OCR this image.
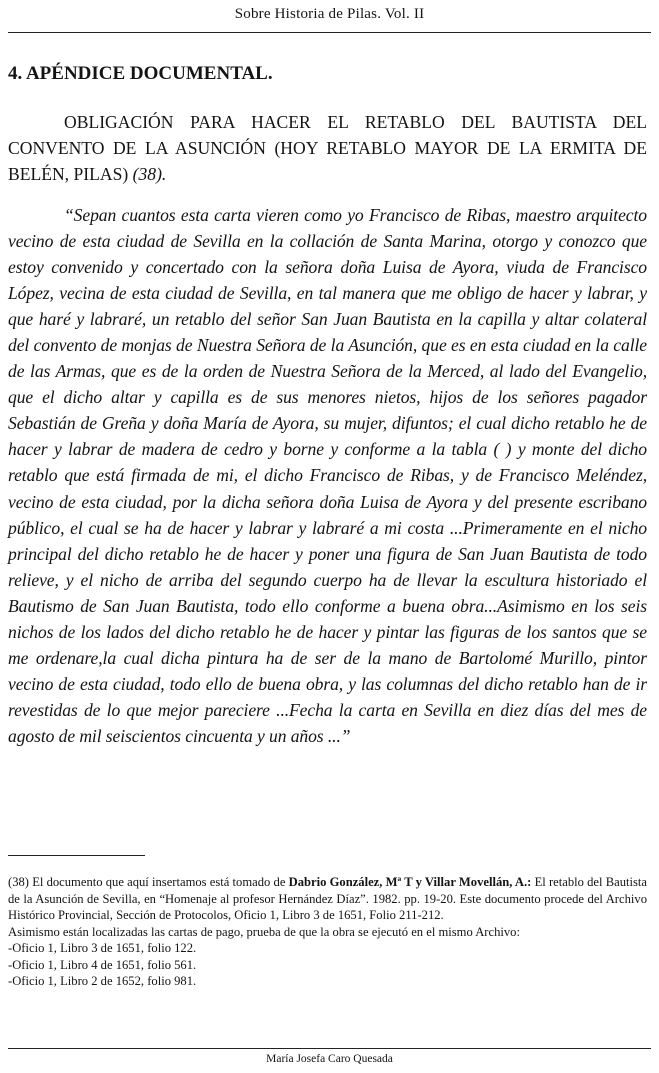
Sobre Historia de Pilas. Vol. II
4. APÉNDICE DOCUMENTAL.

OBLIGACIÓN PARA HACER EL RETABLO DEL BAUTISTA DEL CONVENTO DE LA ASUNCIÓN (HOY RETABLO MAYOR DE LA ERMITA DE BELÉN, PILAS) (38).

“Sepan cuantos esta carta vieren como yo Francisco de Ribas, maestro arquitecto vecino de esta ciudad de Sevilla en la collación de Santa Marina, otorgo y conozco que estoy convenido y concertado con la señora doña Luisa de Ayora, viuda de Francisco López, vecina de esta ciudad de Sevilla, en tal manera que me obligo de hacer y labrar, y que haré y labraré, un retablo del señor San Juan Bautista en la capilla y altar colateral del convento de monjas de Nuestra Señora de la Asunción, que es en esta ciudad en la calle de las Armas, que es de la orden de Nuestra Señora de la Merced, al lado del Evangelio, que el dicho altar y capilla es de sus menores nietos, hijos de los señores pagador Sebastián de Greña y doña María de Ayora, su mujer, difuntos; el cual dicho retablo he de hacer y labrar de madera de cedro y borne y conforme a la tabla ( ) y monte del dicho retablo que está firmada de mi, el dicho Francisco de Ribas, y de Francisco Meléndez, vecino de esta ciudad, por la dicha señora doña Luisa de Ayora y del presente escribano público, el cual se ha de hacer y labrar y labraré a mi costa ...Primeramente en el nicho principal del dicho retablo he de hacer y poner una figura de San Juan Bautista de todo relieve, y el nicho de arriba del segundo cuerpo ha de llevar la escultura historiado el Bautismo de San Juan Bautista, todo ello conforme a buena obra...Asimismo en los seis nichos de los lados del dicho retablo he de hacer y pintar las figuras de los santos que se me ordenare,la cual dicha pintura ha de ser de la mano de Bartolomé Murillo, pintor vecino de esta ciudad, todo ello de buena obra, y las columnas del dicho retablo han de ir revestidas de lo que mejor pareciere ...Fecha la carta en Sevilla en diez días del mes de agosto de mil seiscientos cincuenta y un años ...”

(38) El documento que aquí insertamos está tomado de Dabrio González, Mª T y Villar Movellán, A.: El retablo del Bautista de la Asunción de Sevilla, en “Homenaje al profesor Hernández Díaz”. 1982. pp. 19-20. Este documento procede del Archivo Histórico Provincial, Sección de Protocolos, Oficio 1, Libro 3 de 1651, Folio 211-212.
Asimismo están localizadas las cartas de pago, prueba de que la obra se ejecutó en el mismo Archivo:
-Oficio 1, Libro 3 de 1651, folio 122.
-Oficio 1, Libro 4 de 1651, folio 561.
-Oficio 1, Libro 2 de 1652, folio 981.
María Josefa Caro Quesada
